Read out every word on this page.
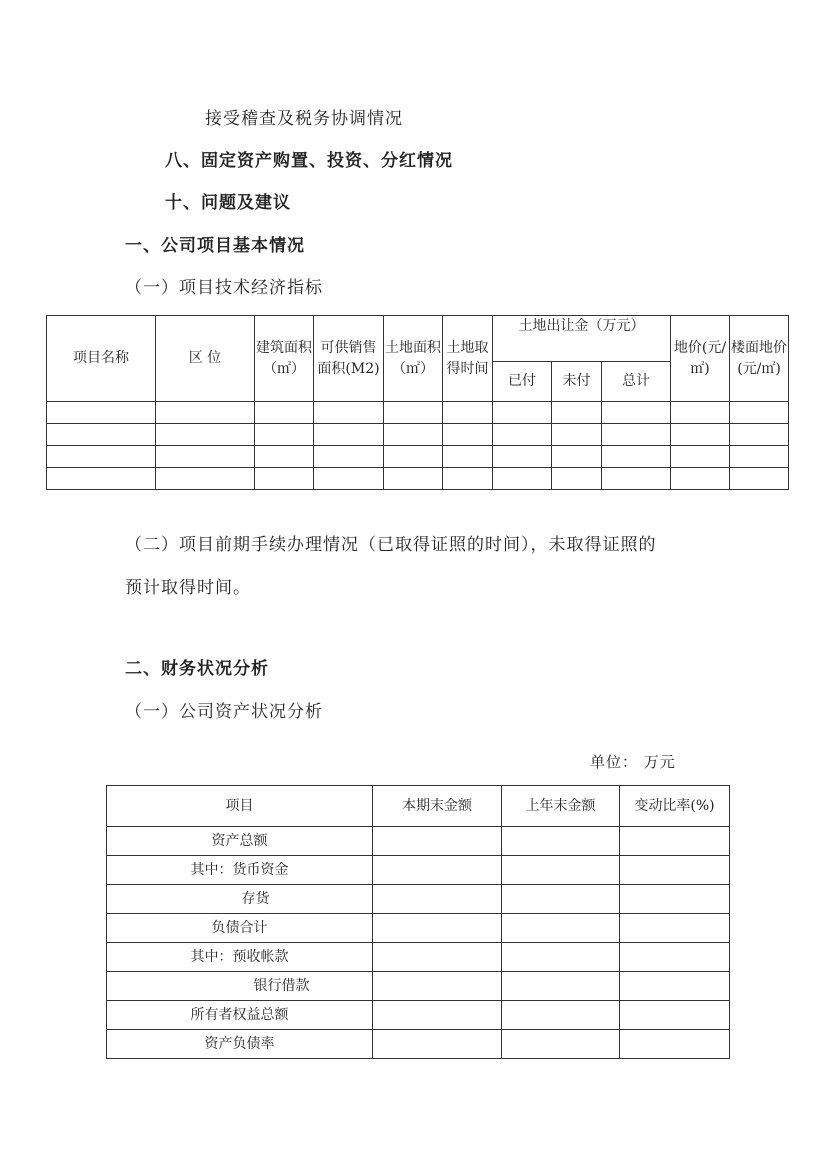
接受稽查及税务协调情况
八、固定资产购置、投资、分红情况
十、问题及建议
一、公司项目基本情况
（一）项目技术经济指标
项目名称	区 位	建筑面积（㎡）	可供销售面积(M2)	土地面积（㎡）	土地取得时间	土地出让金（万元）			地价(元/㎡)	楼面地价(元/㎡)
						已付	未付	总计		

（二）项目前期手续办理情况（已取得证照的时间），未取得证照的
预计取得时间。
二、财务状况分析
（一）公司资产状况分析
单位： 万元
项目	本期末金额	上年末金额	变动比率(%)
资产总额			
其中：货币资金			
存货			
负债合计			
其中：预收帐款			
银行借款			
所有者权益总额			
资产负债率			
